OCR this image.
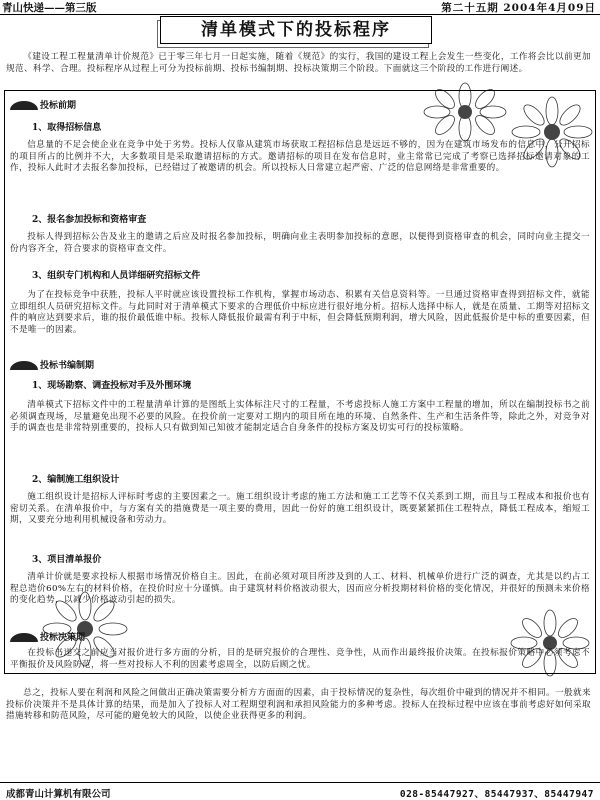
青山快递——第三版	第二十五期 2004年4月09日
清单模式下的投标程序

《建设工程工程量清单计价规范》已于零三年七月一日起实施，随着《规范》的实行，我国的建设工程上会发生一些变化，工作将会比以前更加规范、科学、合理。投标程序从过程上可分为投标前期、投标书编制期、投标决策期三个阶段。下面就这三个阶段的工作进行阐述。

投标前期
1、取得招标信息

信息量的不足会使企业在竞争中处于劣势。投标人仅靠从建筑市场获取工程招标信息是远远不够的，因为在建筑市场发布的信息中，公开招标的项目所占的比例并不大，大多数项目是采取邀请招标的方式。邀请招标的项目在发布信息时，业主常常已完成了考察已选择招标邀请对象的工作，投标人此时才去报名参加投标，已经错过了被邀请的机会。所以投标人日常建立起严密、广泛的信息网络是非常重要的。

2、报名参加投标和资格审查

投标人得到招标公告及业主的邀请之后应及时报名参加投标，明确向业主表明参加投标的意愿，以便得到资格审查的机会，同时向业主提交一份内容齐全，符合要求的资格审查文件。

3、组织专门机构和人员详细研究招标文件

为了在投标竞争中获胜，投标人平时就应该设置投标工作机构，掌握市场动态、积累有关信息资料等。一旦通过资格审查得到招标文件，就能立即组织人员研究招标文件。与此同时对于清单模式下要求的合理低价中标应进行很好地分析。招标人选择中标人，就是在质量、工期等对招标文件的响应达到要求后，谁的报价最低谁中标。投标人降低报价最需有利于中标，但会降低预期利润，增大风险，因此低报价是中标的重要因素，但不是唯一的因素。

投标书编制期
1、现场勘察、调查投标对手及外围环境

清单模式下招标文件中的工程量清单计算的是图纸上实体标注尺寸的工程量，不考虑投标人施工方案中工程量的增加，所以在编制投标书之前必须调查现场，尽量避免出现不必要的风险。在投价前一定要对工期内的项目所在地的环境、自然条件、生产和生活条件等，除此之外，对竞争对手的调查也是非常特别重要的，投标人只有做到知己知彼才能制定适合自身条件的投标方案及切实可行的投标策略。

2、编制施工组织设计

施工组织设计是招标人评标时考虑的主要因素之一。施工组织设计考虑的施工方法和施工工艺等不仅关系到工期，而且与工程成本和报价也有密切关系。在清单报价中，与方案有关的措施费是一项主要的费用，因此一份好的施工组织设计，既要紧紧抓住工程特点，降低工程成本，缩短工期，又要充分地利用机械设备和劳动力。

3、项目清单报价

清单计价就是要求投标人根据市场情况价格自主。因此，在前必须对项目所涉及到的人工、材料、机械单价进行广泛的调查，尤其是以约占工程总造价60%左右的材料价格，在投价时应十分谨慎。由于建筑材料价格波动很大，因而应分析投期材料价格的变化情况，并很好的预测未来价格的变化趋势，以减少价格波动引起的损失。

投标决策期

在投标书递交之前应当对报价进行多方面的分析，目的是研究报价的合理性、竞争性，从而作出最终报价决策。在投标报价策略中必须考虑不平衡报价及风险防范，将一些对投标人不利的因素考虑周全，以防后顾之忧。

总之，投标人要在利润和风险之间做出正确决策需要分析方方面面的因素，由于投标情况的复杂性，每次组价中碰到的情况并不相同。一般就来投标价决策并不是具体计算的结果，而是加入了投标人对工程期望利润和承担风险能力的多种考虑。投标人在投标过程中应该在事前考虑好如何采取措施转移和防范风险，尽可能的避免较大的风险，以使企业获得更多的利润。

成都青山计算机有限公司	028-85447927、85447937、85447947
